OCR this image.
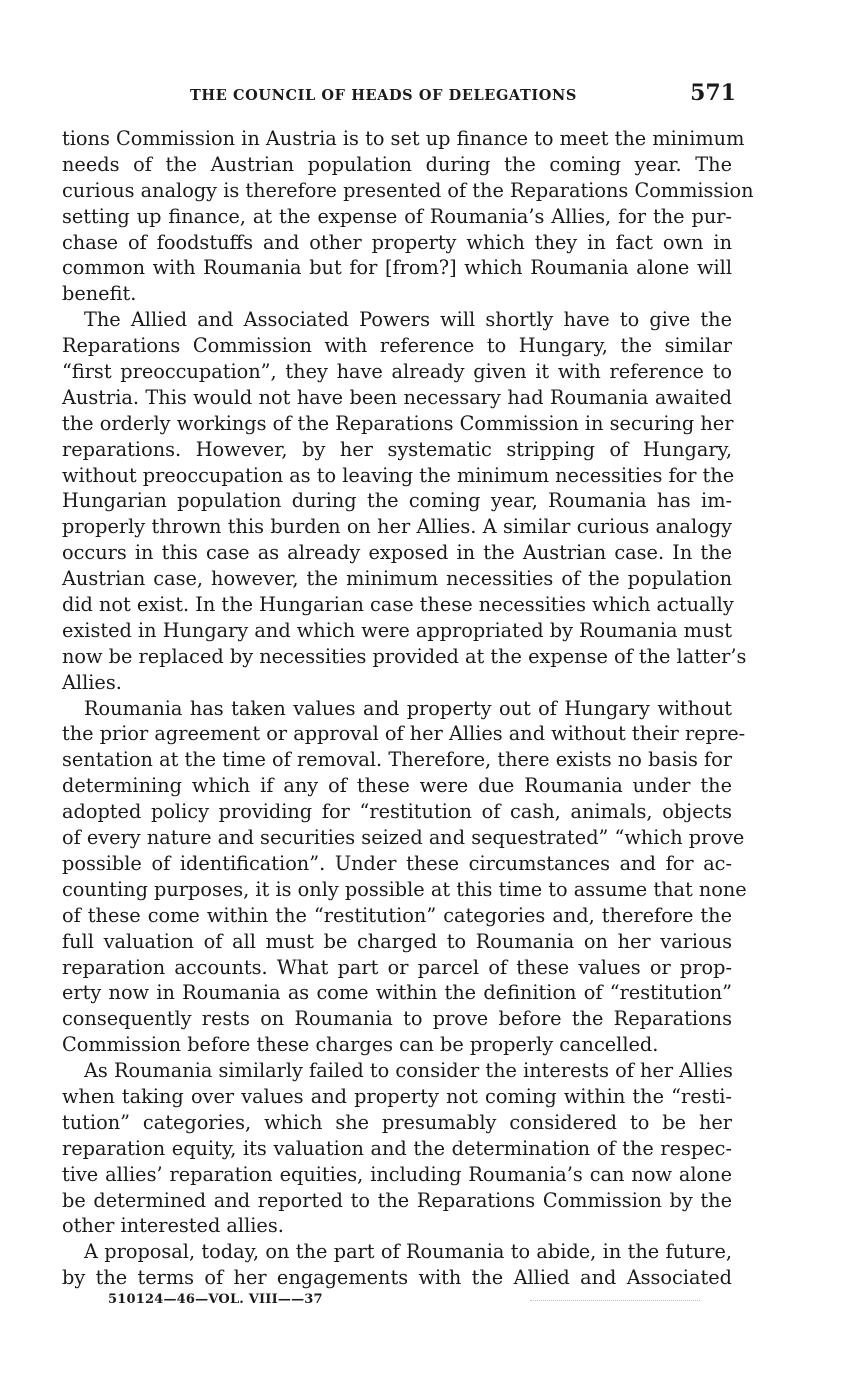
THE COUNCIL OF HEADS OF DELEGATIONS	571
tions Commission in Austria is to set up finance to meet the minimum
needs of the Austrian population during the coming year. The
curious analogy is therefore presented of the Reparations Commission
setting up finance, at the expense of Roumania’s Allies, for the pur-
chase of foodstuffs and other property which they in fact own in
common with Roumania but for [from?] which Roumania alone will
benefit.
The Allied and Associated Powers will shortly have to give the
Reparations Commission with reference to Hungary, the similar
“first preoccupation”, they have already given it with reference to
Austria. This would not have been necessary had Roumania awaited
the orderly workings of the Reparations Commission in securing her
reparations. However, by her systematic stripping of Hungary,
without preoccupation as to leaving the minimum necessities for the
Hungarian population during the coming year, Roumania has im-
properly thrown this burden on her Allies. A similar curious analogy
occurs in this case as already exposed in the Austrian case. In the
Austrian case, however, the minimum necessities of the population
did not exist. In the Hungarian case these necessities which actually
existed in Hungary and which were appropriated by Roumania must
now be replaced by necessities provided at the expense of the latter’s
Allies.
Roumania has taken values and property out of Hungary without
the prior agreement or approval of her Allies and without their repre-
sentation at the time of removal. Therefore, there exists no basis for
determining which if any of these were due Roumania under the
adopted policy providing for “restitution of cash, animals, objects
of every nature and securities seized and sequestrated” “which prove
possible of identification”. Under these circumstances and for ac-
counting purposes, it is only possible at this time to assume that none
of these come within the “restitution” categories and, therefore the
full valuation of all must be charged to Roumania on her various
reparation accounts. What part or parcel of these values or prop-
erty now in Roumania as come within the definition of “restitution”
consequently rests on Roumania to prove before the Reparations
Commission before these charges can be properly cancelled.
As Roumania similarly failed to consider the interests of her Allies
when taking over values and property not coming within the “resti-
tution” categories, which she presumably considered to be her
reparation equity, its valuation and the determination of the respec-
tive allies’ reparation equities, including Roumania’s can now alone
be determined and reported to the Reparations Commission by the
other interested allies.
A proposal, today, on the part of Roumania to abide, in the future,
by the terms of her engagements with the Allied and Associated
510124—46—VOL. VIII——37
